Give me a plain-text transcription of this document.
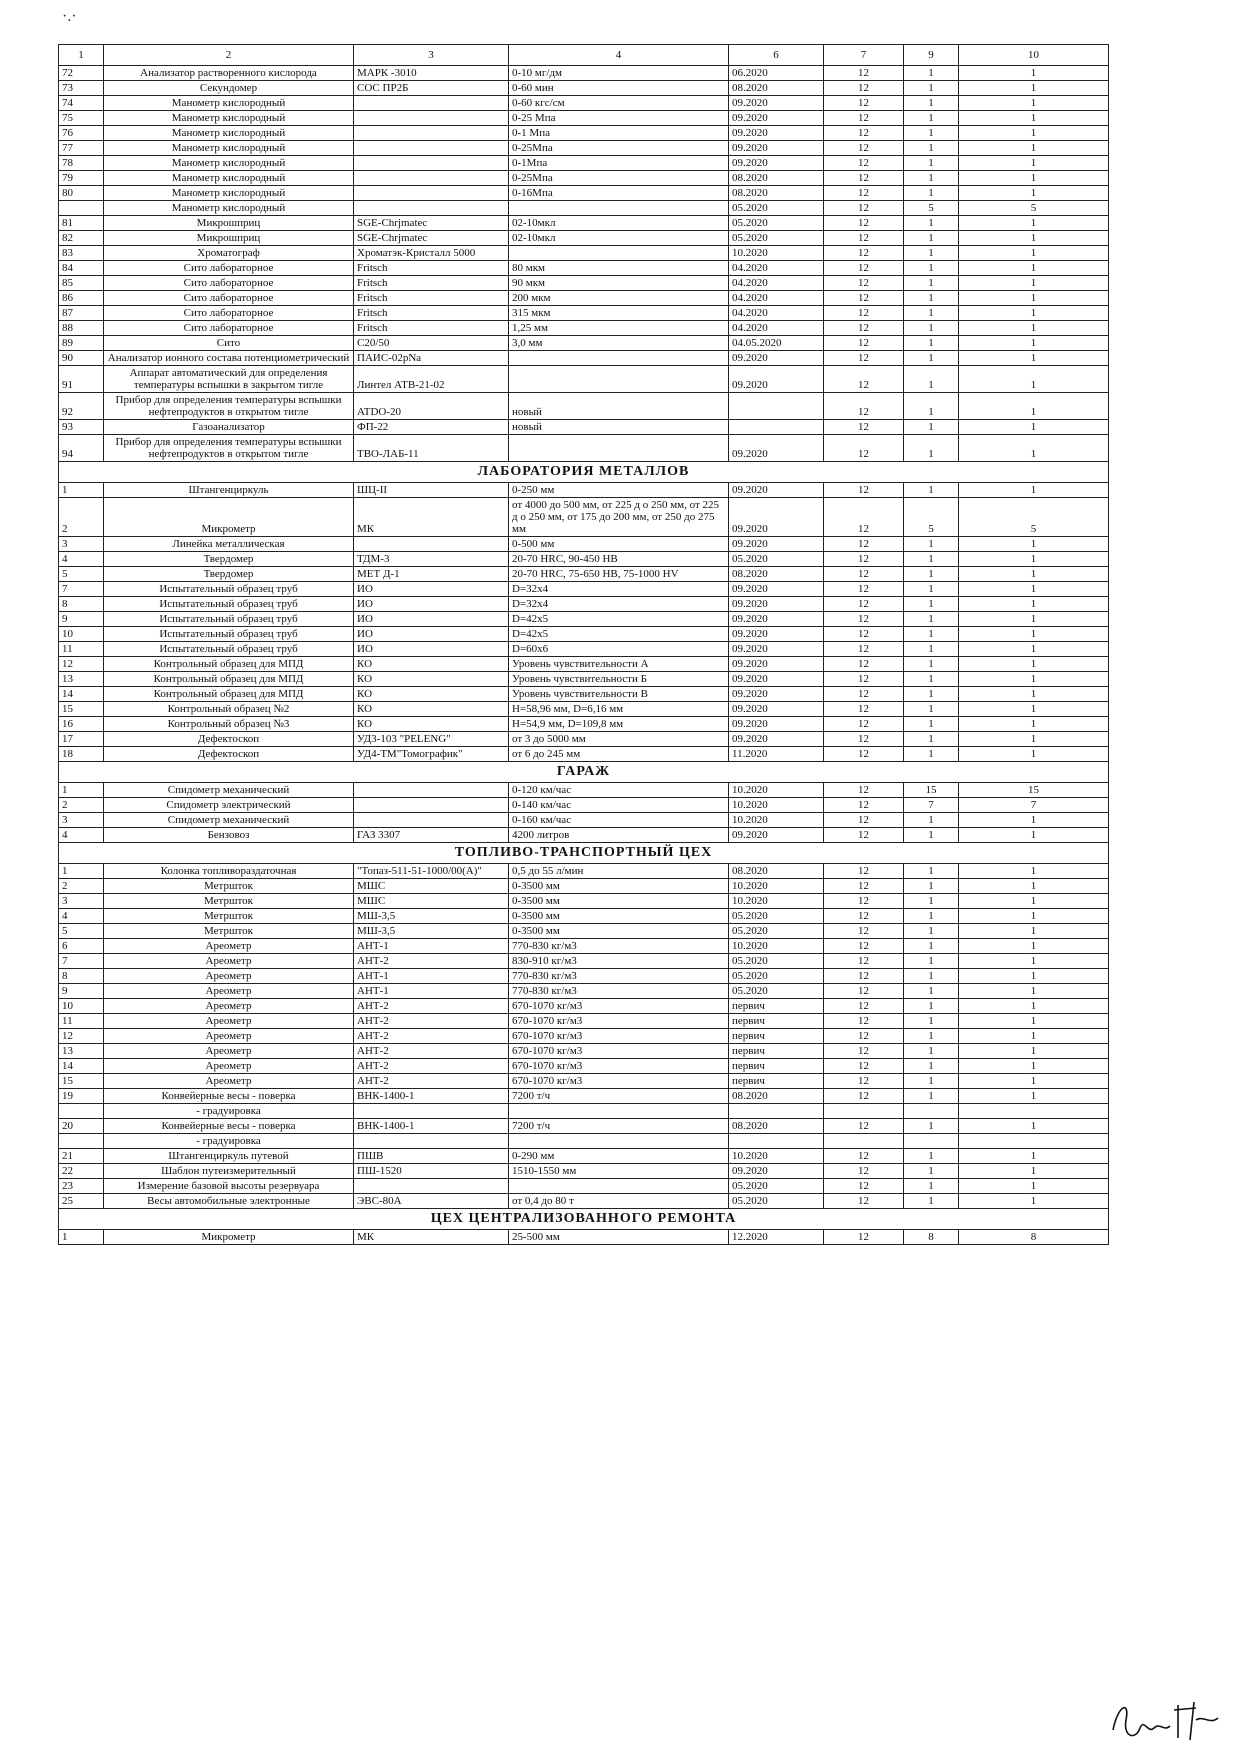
·.·
1	2	3	4	6	7	9	10
72	Анализатор растворенного кислорода	МАРК -3010	0-10 мг/дм	06.2020	12	1	1
73	Секундомер	СОС ПР2Б	0-60 мин	08.2020	12	1	1
74	Манометр кислородный		0-60 кгс/см	09.2020	12	1	1
75	Манометр кислородный		0-25 Мпа	09.2020	12	1	1
76	Манометр кислородный		0-1 Мпа	09.2020	12	1	1
77	Манометр кислородный		0-25Мпа	09.2020	12	1	1
78	Манометр кислородный		0-1Мпа	09.2020	12	1	1
79	Манометр кислородный		0-25Мпа	08.2020	12	1	1
80	Манометр кислородный		0-16Мпа	08.2020	12	1	1
	Манометр кислородный			05.2020	12	5	5
81	Микрошприц	SGE-Chrjmatec	02-10мкл	05.2020	12	1	1
82	Микрошприц	SGE-Chrjmatec	02-10мкл	05.2020	12	1	1
83	Хроматограф	Хроматэк-Кристалл 5000		10.2020	12	1	1
84	Сито лабораторное	Fritsch	80 мкм	04.2020	12	1	1
85	Сито лабораторное	Fritsch	90 мкм	04.2020	12	1	1
86	Сито лабораторное	Fritsch	200 мкм	04.2020	12	1	1
87	Сито лабораторное	Fritsch	315 мкм	04.2020	12	1	1
88	Сито лабораторное	Fritsch	1,25 мм	04.2020	12	1	1
89	Сито	С20/50	3,0 мм	04.05.2020	12	1	1
90	Анализатор ионного состава потенциометрический	ПАИС-02pNa		09.2020	12	1	1
91	Аппарат автоматический для определения температуры вспышки в закрытом тигле	Линтел АТВ-21-02		09.2020	12	1	1
92	Прибор для определения температуры вспышки нефтепродуктов в открытом тигле	ATDO-20	новый		12	1	1
93	Газоанализатор	ФП-22	новый		12	1	1
94	Прибор для определения температуры вспышки нефтепродуктов в открытом тигле	ТВО-ЛАБ-11		09.2020	12	1	1
ЛАБОРАТОРИЯ МЕТАЛЛОВ							
1	Штангенциркуль	ШЦ-II	0-250 мм	09.2020	12	1	1
2	Микрометр	МК	от 4000 до 500 мм, от 225 д о 250 мм, от 225 д о 250 мм, от 175 до 200 мм, от 250 до 275 мм	09.2020	12	5	5
3	Линейка металлическая		0-500 мм	09.2020	12	1	1
4	Твердомер	ТДМ-3	20-70 HRC, 90-450 HB	05.2020	12	1	1
5	Твердомер	МЕТ Д-1	20-70 HRC, 75-650 HB, 75-1000 HV	08.2020	12	1	1
7	Испытательный образец труб	ИО	D=32x4	09.2020	12	1	1
8	Испытательный образец труб	ИО	D=32x4	09.2020	12	1	1
9	Испытательный образец труб	ИО	D=42x5	09.2020	12	1	1
10	Испытательный образец труб	ИО	D=42x5	09.2020	12	1	1
11	Испытательный образец труб	ИО	D=60x6	09.2020	12	1	1
12	Контрольный образец для МПД	КО	Уровень чувствительности А	09.2020	12	1	1
13	Контрольный образец для МПД	КО	Уровень чувствительности Б	09.2020	12	1	1
14	Контрольный образец для МПД	КО	Уровень чувствительности В	09.2020	12	1	1
15	Контрольный образец №2	КО	H=58,96 мм, D=6,16 мм	09.2020	12	1	1
16	Контрольный образец №3	КО	H=54,9 мм, D=109,8 мм	09.2020	12	1	1
17	Дефектоскоп	УД3-103 "PELENG"	от 3 до 5000 мм	09.2020	12	1	1
18	Дефектоскоп	УД4-ТМ"Томографик"	от 6 до 245 мм	11.2020	12	1	1
ГАРАЖ							
1	Спидометр механический		0-120 км/час	10.2020	12	15	15
2	Спидометр электрический		0-140 км/час	10.2020	12	7	7
3	Спидометр механический		0-160 км/час	10.2020	12	1	1
4	Бензовоз	ГАЗ 3307	4200 литров	09.2020	12	1	1
ТОПЛИВО-ТРАНСПОРТНЫЙ ЦЕХ							
1	Колонка топливораздаточная	"Топаз-511-51-1000/00(А)"	0,5 до 55 л/мин	08.2020	12	1	1
2	Метршток	МШС	0-3500 мм	10.2020	12	1	1
3	Метршток	МШС	0-3500 мм	10.2020	12	1	1
4	Метршток	МШ-3,5	0-3500 мм	05.2020	12	1	1
5	Метршток	МШ-3,5	0-3500 мм	05.2020	12	1	1
6	Ареометр	АНТ-1	770-830 кг/м3	10.2020	12	1	1
7	Ареометр	АНТ-2	830-910 кг/м3	05.2020	12	1	1
8	Ареометр	АНТ-1	770-830 кг/м3	05.2020	12	1	1
9	Ареометр	АНТ-1	770-830 кг/м3	05.2020	12	1	1
10	Ареометр	АНТ-2	670-1070 кг/м3	первич	12	1	1
11	Ареометр	АНТ-2	670-1070 кг/м3	первич	12	1	1
12	Ареометр	АНТ-2	670-1070 кг/м3	первич	12	1	1
13	Ареометр	АНТ-2	670-1070 кг/м3	первич	12	1	1
14	Ареометр	АНТ-2	670-1070 кг/м3	первич	12	1	1
15	Ареометр	АНТ-2	670-1070 кг/м3	первич	12	1	1
19	Конвейерные весы - поверка	ВНК-1400-1	7200 т/ч	08.2020	12	1	1
	- градуировка						
20	Конвейерные весы - поверка	ВНК-1400-1	7200 т/ч	08.2020	12	1	1
	- градуировка						
21	Штангенциркуль путевой	ПШВ	0-290 мм	10.2020	12	1	1
22	Шаблон путеизмерительный	ПШ-1520	1510-1550 мм	09.2020	12	1	1
23	Измерение базовой высоты резервуара			05.2020	12	1	1
25	Весы автомобильные электронные	ЭВС-80А	от 0,4 до 80 т	05.2020	12	1	1
ЦЕХ ЦЕНТРАЛИЗОВАННОГО РЕМОНТА							
1	Микрометр	МК	25-500 мм	12.2020	12	8	8
